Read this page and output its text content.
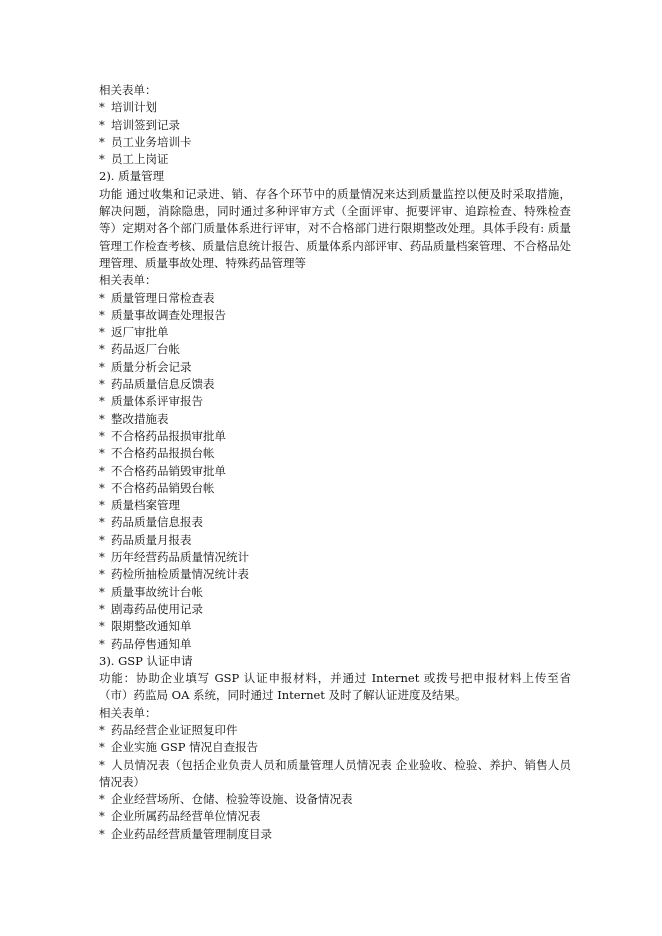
相关表单：
* 培训计划
* 培训签到记录
* 员工业务培训卡
* 员工上岗证
2). 质量管理
功能 通过收集和记录进、销、存各个环节中的质量情况来达到质量监控以便及时采取措施，解决问题，消除隐患，同时通过多种评审方式（全面评审、扼要评审、追踪检查、特殊检查等）定期对各个部门质量体系进行评审，对不合格部门进行限期整改处理。具体手段有: 质量管理工作检查考核、质量信息统计报告、质量体系内部评审、药品质量档案管理、不合格品处理管理、质量事故处理、特殊药品管理等
相关表单：
* 质量管理日常检查表
* 质量事故调查处理报告
* 返厂审批单
* 药品返厂台帐
* 质量分析会记录
* 药品质量信息反馈表
* 质量体系评审报告
* 整改措施表
* 不合格药品报损审批单
* 不合格药品报损台帐
* 不合格药品销毁审批单
* 不合格药品销毁台帐
* 质量档案管理
* 药品质量信息报表
* 药品质量月报表
* 历年经营药品质量情况统计
* 药检所抽检质量情况统计表
* 质量事故统计台帐
* 剧毒药品使用记录
* 限期整改通知单
* 药品停售通知单
3). GSP 认证申请
功能：协助企业填写 GSP 认证申报材料，并通过 Internet 或拨号把申报材料上传至省（市）药监局 OA 系统，同时通过 Internet 及时了解认证进度及结果。
相关表单：
* 药品经营企业证照复印件
* 企业实施 GSP 情况自查报告
* 人员情况表（包括企业负责人员和质量管理人员情况表 企业验收、检验、养护、销售人员情况表）
* 企业经营场所、仓储、检验等设施、设备情况表
* 企业所属药品经营单位情况表
* 企业药品经营质量管理制度目录
